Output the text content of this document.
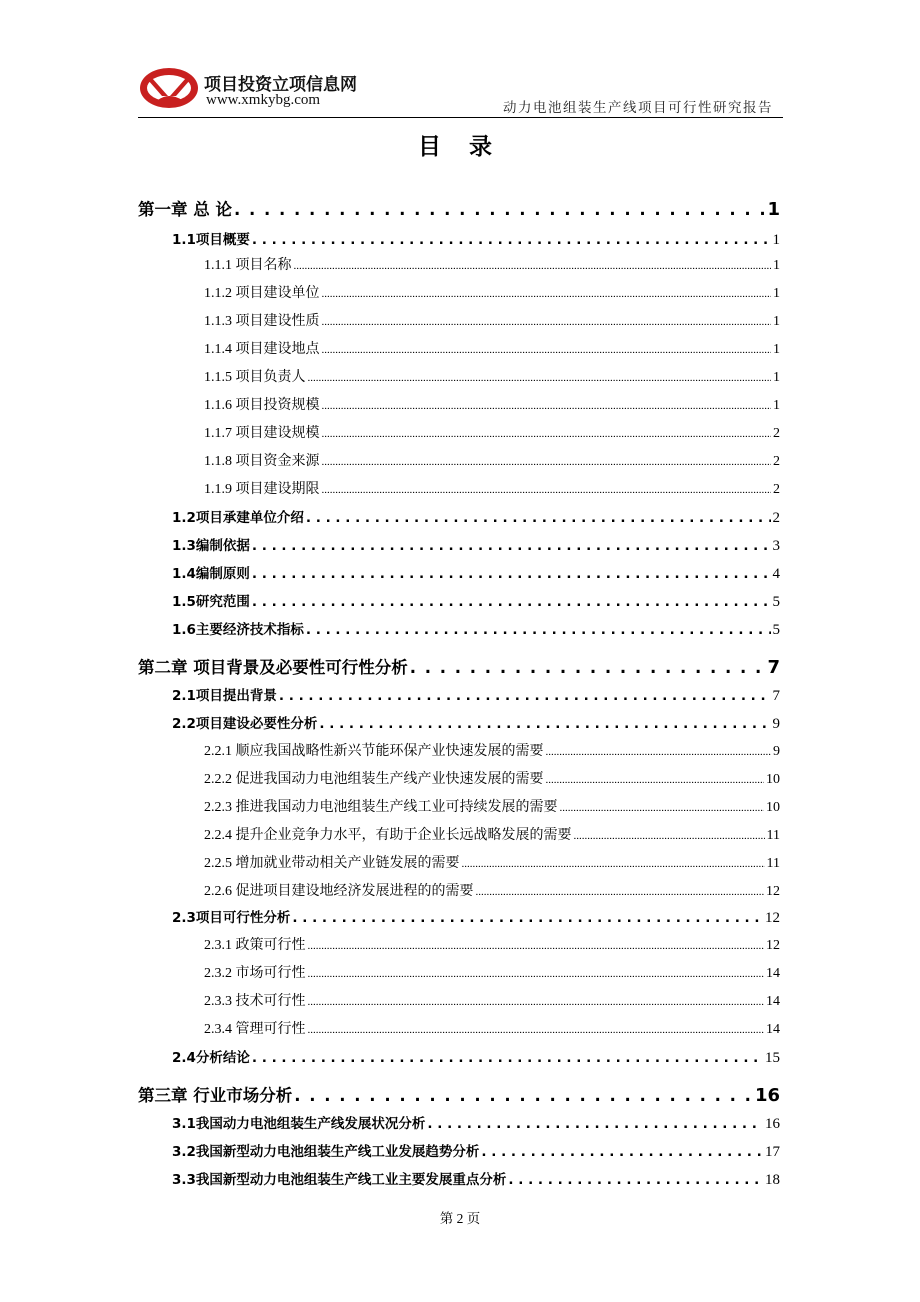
项目投资立项信息网
www.xmkybg.com	动力电池组装生产线项目可行性研究报告
目 录
第一章 总 论 . . .	1
1.1项目概要 . . .	1
1.1.1 项目名称 .....	1
1.1.2 项目建设单位 .....	1
1.1.3 项目建设性质 .....	1
1.1.4 项目建设地点 .....	1
1.1.5 项目负责人 .....	1
1.1.6 项目投资规模 .....	1
1.1.7 项目建设规模 .....	2
1.1.8 项目资金来源 .....	2
1.1.9 项目建设期限 .....	2
1.2项目承建单位介绍 . . .	2
1.3编制依据 . . .	3
1.4编制原则 . . .	4
1.5研究范围 . . .	5
1.6主要经济技术指标 . . .	5
第二章 项目背景及必要性可行性分析 . . .	7
2.1项目提出背景 . . .	7
2.2项目建设必要性分析 . . .	9
2.2.1 顺应我国战略性新兴节能环保产业快速发展的需要 .....	9
2.2.2 促进我国动力电池组装生产线产业快速发展的需要 .....	10
2.2.3 推进我国动力电池组装生产线工业可持续发展的需要 .....	10
2.2.4 提升企业竞争力水平，有助于企业长远战略发展的需要 .....	11
2.2.5 增加就业带动相关产业链发展的需要 .....	11
2.2.6 促进项目建设地经济发展进程的的需要 .....	12
2.3项目可行性分析 . . .	12
2.3.1 政策可行性 .....	12
2.3.2 市场可行性 .....	14
2.3.3 技术可行性 .....	14
2.3.4 管理可行性 .....	14
2.4分析结论 . . .	15
第三章 行业市场分析 . . .	16
3.1我国动力电池组装生产线发展状况分析 . . .	16
3.2我国新型动力电池组装生产线工业发展趋势分析 . . .	17
3.3我国新型动力电池组装生产线工业主要发展重点分析 . . .	18
第 2 页
